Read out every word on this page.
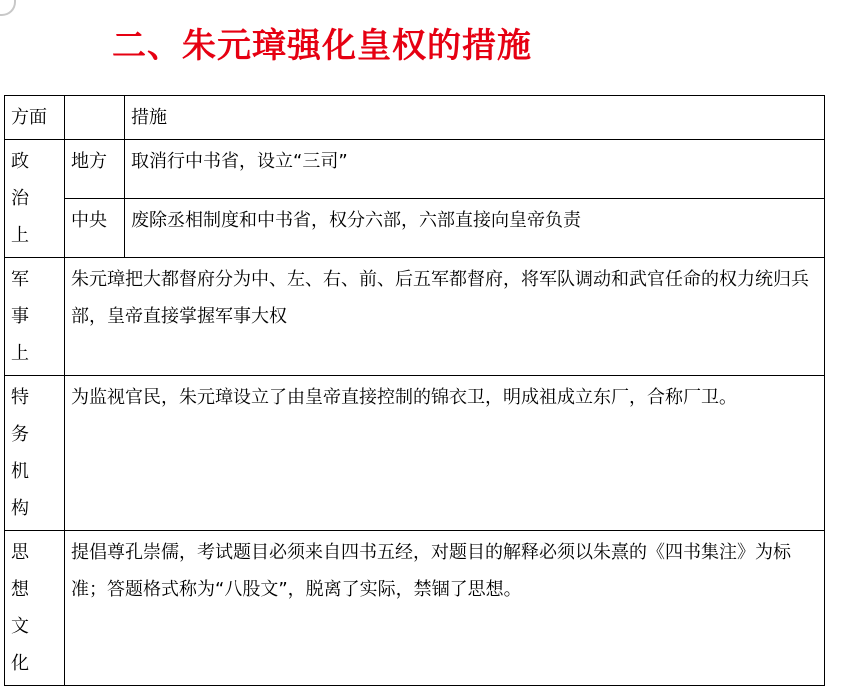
二、朱元璋强化皇权的措施
方面		措施
政 治 上	地方	取消行中书省，设立“三司”
	中央	废除丞相制度和中书省，权分六部，六部直接向皇帝负责
军 事 上	朱元璋把大都督府分为中、左、右、前、后五军都督府，将军队调动和武官任命的权力统归兵部，皇帝直接掌握军事大权	
特 务 机构	为监视官民，朱元璋设立了由皇帝直接控制的锦衣卫，明成祖成立东厂，合称厂卫。	
思 想 文化	提倡尊孔崇儒，考试题目必须来自四书五经，对题目的解释必须以朱熹的《四书集注》为标准；答题格式称为“八股文”，脱离了实际，禁锢了思想。	
